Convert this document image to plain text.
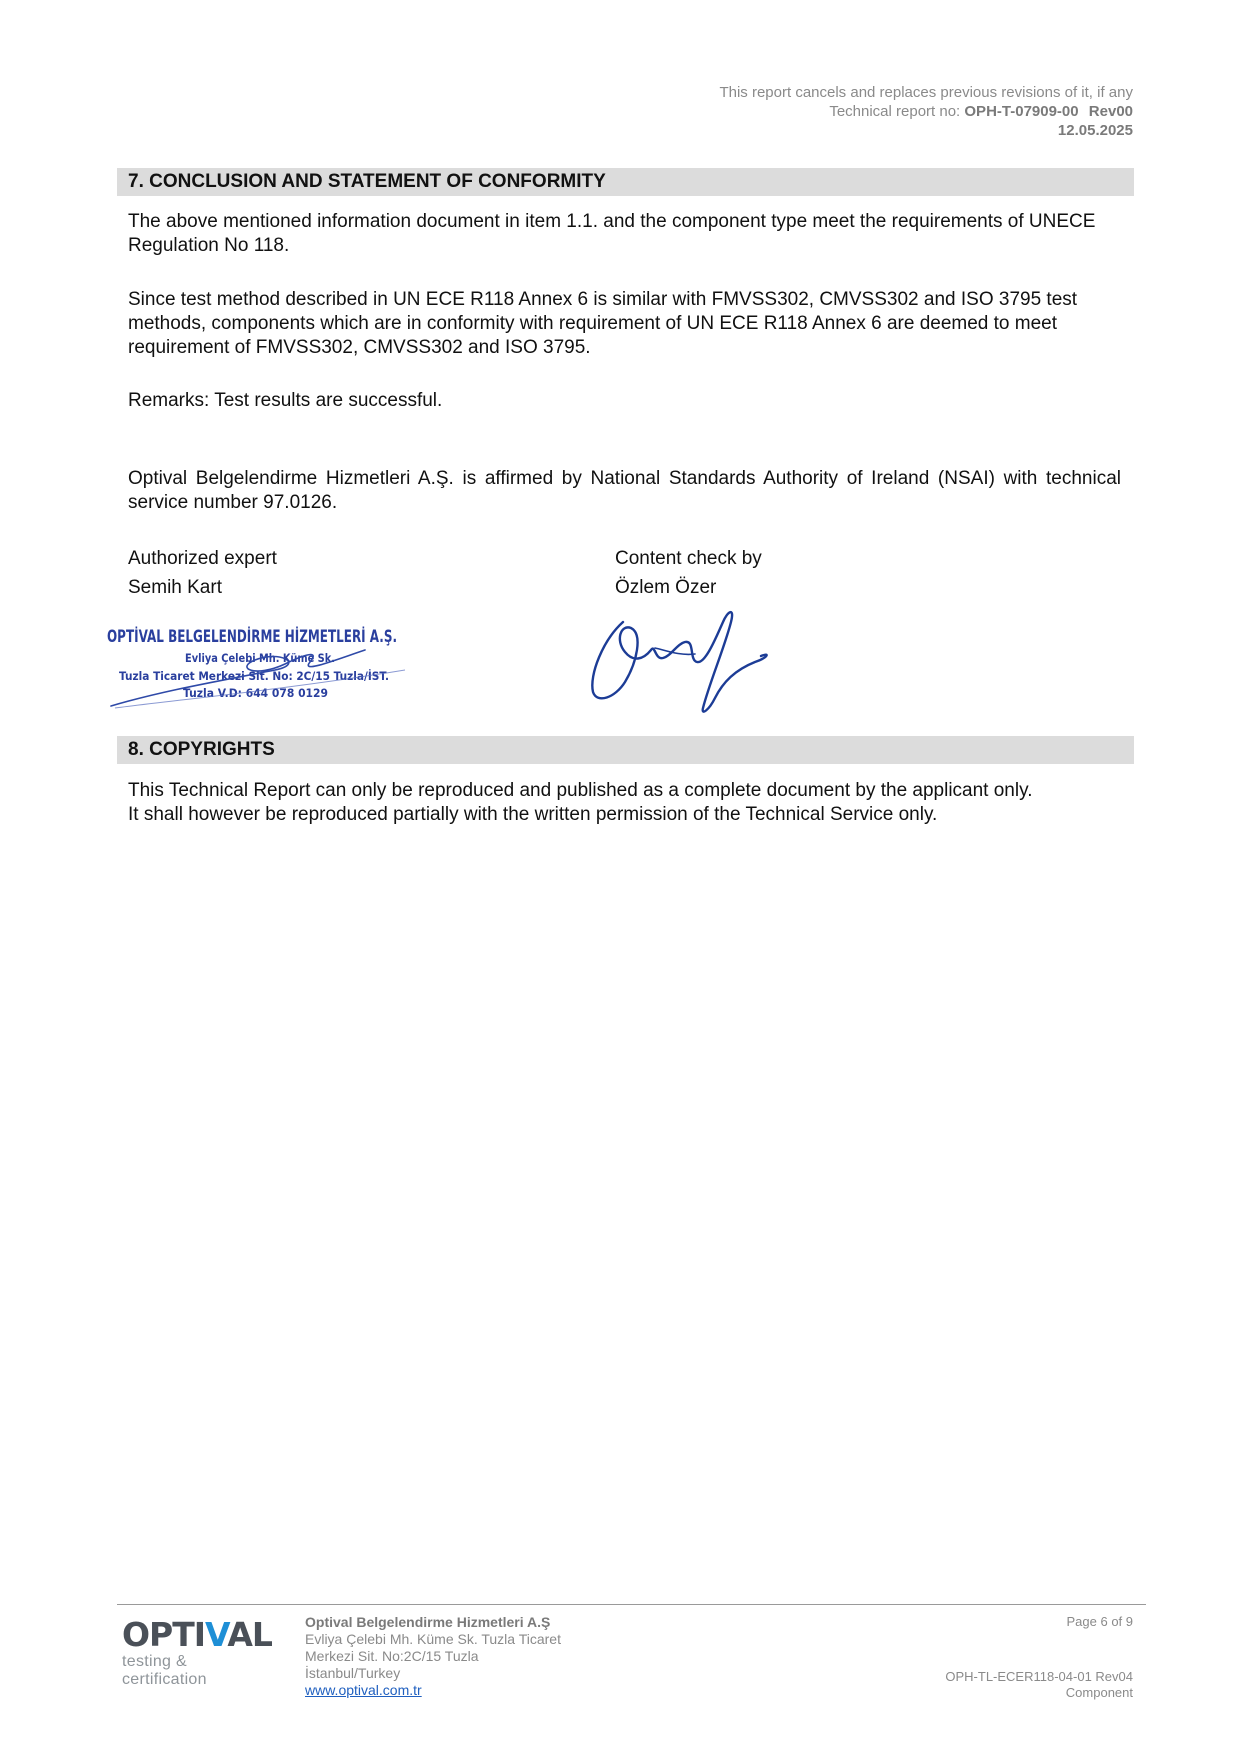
This report cancels and replaces previous revisions of it, if any
Technical report no: OPH-T-07909-00 Rev00
12.05.2025
7. CONCLUSION AND STATEMENT OF CONFORMITY
The above mentioned information document in item 1.1. and the component type meet the requirements of UNECE Regulation No 118.
Since test method described in UN ECE R118 Annex 6 is similar with FMVSS302, CMVSS302 and ISO 3795 test methods, components which are in conformity with requirement of UN ECE R118 Annex 6 are deemed to meet requirement of FMVSS302, CMVSS302 and ISO 3795.
Remarks: Test results are successful.
Optival Belgelendirme Hizmetleri A.Ş. is affirmed by National Standards Authority of Ireland (NSAI) with technical service number 97.0126.
Authorized expert
Semih Kart
Content check by
Özlem Özer
OPTİVAL BELGELENDİRME HİZMETLERİ A.Ş.
Evliya Çelebi Mh. Küme Sk.
Tuzla Ticaret Merkezi Sit. No: 2C/15 Tuzla/İST.
Tuzla V.D: 644 078 0129
8. COPYRIGHTS
This Technical Report can only be reproduced and published as a complete document by the applicant only.
It shall however be reproduced partially with the written permission of the Technical Service only.
OPTIVAL
testing & certification
Optival Belgelendirme Hizmetleri A.Ş
Evliya Çelebi Mh. Küme Sk. Tuzla Ticaret
Merkezi Sit. No:2C/15 Tuzla
İstanbul/Turkey
www.optival.com.tr
Page 6 of 9
OPH-TL-ECER118-04-01 Rev04
Component
